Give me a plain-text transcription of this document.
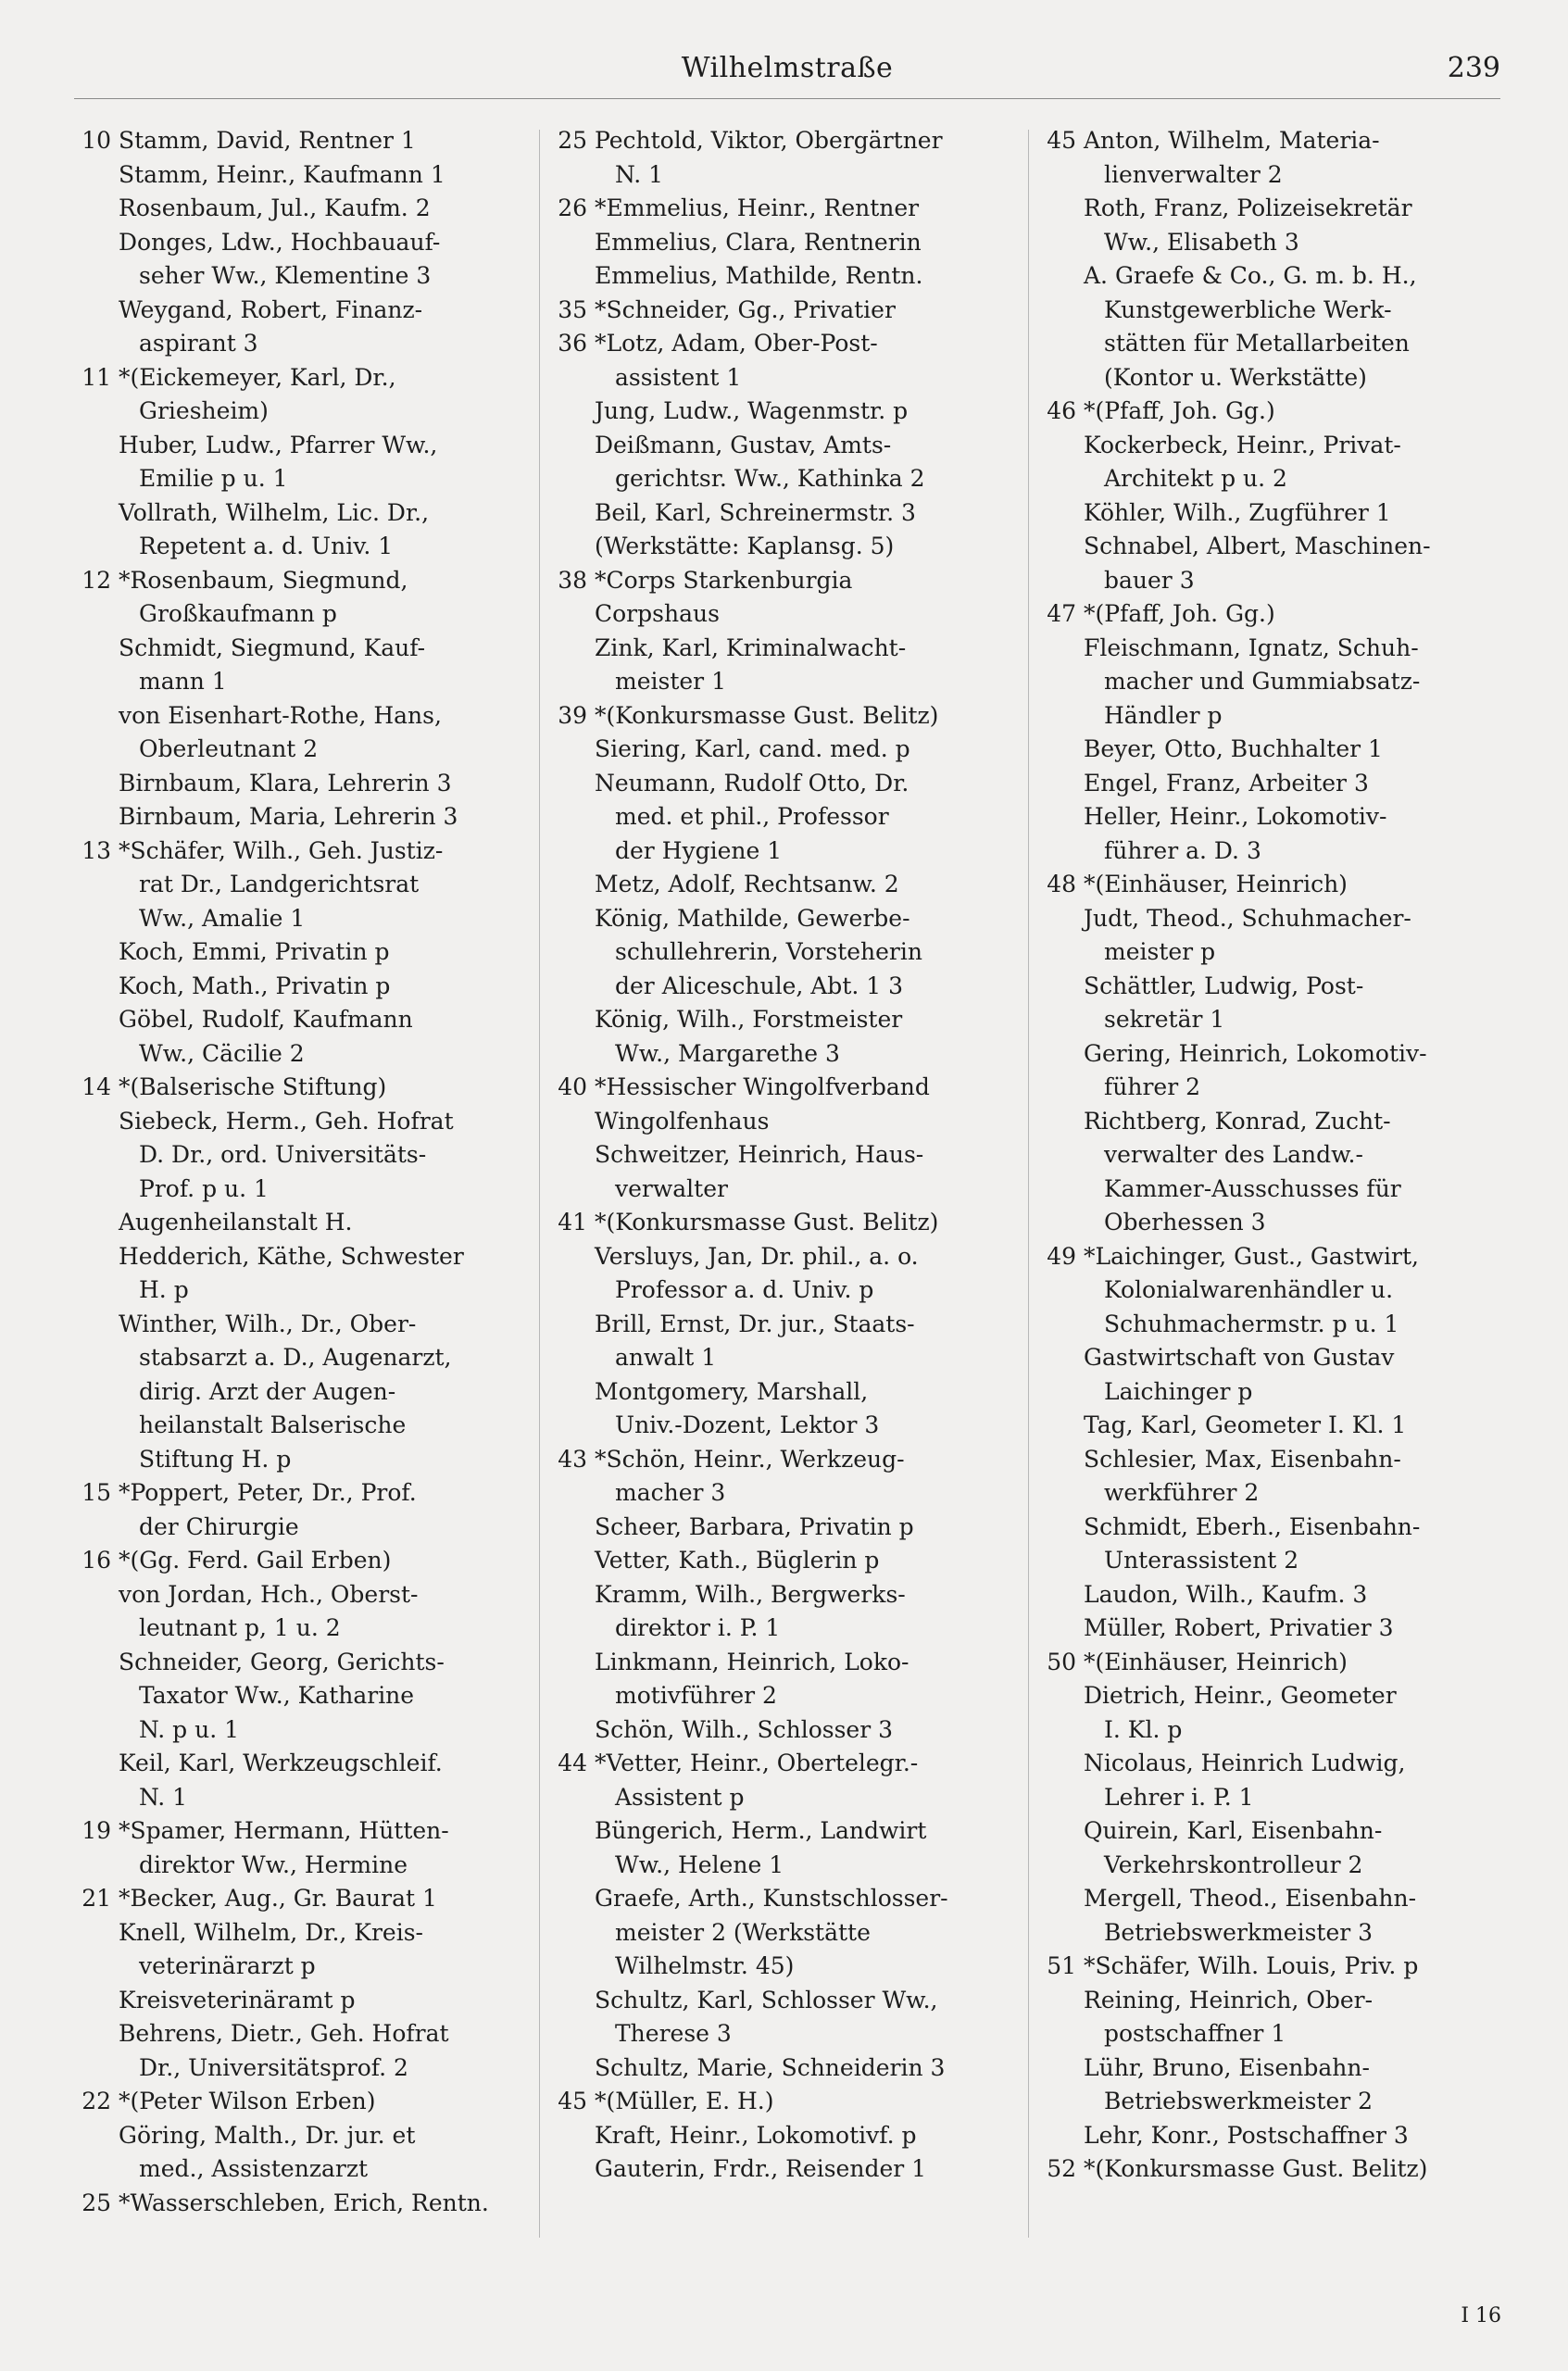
Wilhelmstraße	239
10 Stamm, David, Rentner 1
Stamm, Heinr., Kaufmann 1
Rosenbaum, Jul., Kaufm. 2
Donges, Ldw., Hochbauauf-
seher Ww., Klementine 3
Weygand, Robert, Finanz-
aspirant 3
11 *(Eickemeyer, Karl, Dr.,
Griesheim)
Huber, Ludw., Pfarrer Ww.,
Emilie p u. 1
Vollrath, Wilhelm, Lic. Dr.,
Repetent a. d. Univ. 1
12 *Rosenbaum, Siegmund,
Großkaufmann p
Schmidt, Siegmund, Kauf-
mann 1
von Eisenhart-Rothe, Hans,
Oberleutnant 2
Birnbaum, Klara, Lehrerin 3
Birnbaum, Maria, Lehrerin 3
13 *Schäfer, Wilh., Geh. Justiz-
rat Dr., Landgerichtsrat
Ww., Amalie 1
Koch, Emmi, Privatin p
Koch, Math., Privatin p
Göbel, Rudolf, Kaufmann
Ww., Cäcilie 2
14 *(Balserische Stiftung)
Siebeck, Herm., Geh. Hofrat
D. Dr., ord. Universitäts-
Prof. p u. 1
Augenheilanstalt H.
Hedderich, Käthe, Schwester
H. p
Winther, Wilh., Dr., Ober-
stabsarzt a. D., Augenarzt,
dirig. Arzt der Augen-
heilanstalt Balserische
Stiftung H. p
15 *Poppert, Peter, Dr., Prof.
der Chirurgie
16 *(Gg. Ferd. Gail Erben)
von Jordan, Hch., Oberst-
leutnant p, 1 u. 2
Schneider, Georg, Gerichts-
Taxator Ww., Katharine
N. p u. 1
Keil, Karl, Werkzeugschleif.
N. 1
19 *Spamer, Hermann, Hütten-
direktor Ww., Hermine
21 *Becker, Aug., Gr. Baurat 1
Knell, Wilhelm, Dr., Kreis-
veterinärarzt p
Kreisveterinäramt p
Behrens, Dietr., Geh. Hofrat
Dr., Universitätsprof. 2
22 *(Peter Wilson Erben)
Göring, Malth., Dr. jur. et
med., Assistenzarzt
25 *Wasserschleben, Erich, Rentn.
25 Pechtold, Viktor, Obergärtner
N. 1
26 *Emmelius, Heinr., Rentner
Emmelius, Clara, Rentnerin
Emmelius, Mathilde, Rentn.
35 *Schneider, Gg., Privatier
36 *Lotz, Adam, Ober-Post-
assistent 1
Jung, Ludw., Wagenmstr. p
Deißmann, Gustav, Amts-
gerichtsr. Ww., Kathinka 2
Beil, Karl, Schreinermstr. 3
(Werkstätte: Kaplansg. 5)
38 *Corps Starkenburgia
Corpshaus
Zink, Karl, Kriminalwacht-
meister 1
39 *(Konkursmasse Gust. Belitz)
Siering, Karl, cand. med. p
Neumann, Rudolf Otto, Dr.
med. et phil., Professor
der Hygiene 1
Metz, Adolf, Rechtsanw. 2
König, Mathilde, Gewerbe-
schullehrerin, Vorsteherin
der Aliceschule, Abt. 1 3
König, Wilh., Forstmeister
Ww., Margarethe 3
40 *Hessischer Wingolfverband
Wingolfenhaus
Schweitzer, Heinrich, Haus-
verwalter
41 *(Konkursmasse Gust. Belitz)
Versluys, Jan, Dr. phil., a. o.
Professor a. d. Univ. p
Brill, Ernst, Dr. jur., Staats-
anwalt 1
Montgomery, Marshall,
Univ.-Dozent, Lektor 3
43 *Schön, Heinr., Werkzeug-
macher 3
Scheer, Barbara, Privatin p
Vetter, Kath., Büglerin p
Kramm, Wilh., Bergwerks-
direktor i. P. 1
Linkmann, Heinrich, Loko-
motivführer 2
Schön, Wilh., Schlosser 3
44 *Vetter, Heinr., Obertelegr.-
Assistent p
Büngerich, Herm., Landwirt
Ww., Helene 1
Graefe, Arth., Kunstschlosser-
meister 2 (Werkstätte
Wilhelmstr. 45)
Schultz, Karl, Schlosser Ww.,
Therese 3
Schultz, Marie, Schneiderin 3
45 *(Müller, E. H.)
Kraft, Heinr., Lokomotivf. p
Gauterin, Frdr., Reisender 1
45 Anton, Wilhelm, Materia-
lienverwalter 2
Roth, Franz, Polizeisekretär
Ww., Elisabeth 3
A. Graefe & Co., G. m. b. H.,
Kunstgewerbliche Werk-
stätten für Metallarbeiten
(Kontor u. Werkstätte)
46 *(Pfaff, Joh. Gg.)
Kockerbeck, Heinr., Privat-
Architekt p u. 2
Köhler, Wilh., Zugführer 1
Schnabel, Albert, Maschinen-
bauer 3
47 *(Pfaff, Joh. Gg.)
Fleischmann, Ignatz, Schuh-
macher und Gummiabsatz-
Händler p
Beyer, Otto, Buchhalter 1
Engel, Franz, Arbeiter 3
Heller, Heinr., Lokomotiv-
führer a. D. 3
48 *(Einhäuser, Heinrich)
Judt, Theod., Schuhmacher-
meister p
Schättler, Ludwig, Post-
sekretär 1
Gering, Heinrich, Lokomotiv-
führer 2
Richtberg, Konrad, Zucht-
verwalter des Landw.-
Kammer-Ausschusses für
Oberhessen 3
49 *Laichinger, Gust., Gastwirt,
Kolonialwarenhändler u.
Schuhmachermstr. p u. 1
Gastwirtschaft von Gustav
Laichinger p
Tag, Karl, Geometer I. Kl. 1
Schlesier, Max, Eisenbahn-
werkführer 2
Schmidt, Eberh., Eisenbahn-
Unterassistent 2
Laudon, Wilh., Kaufm. 3
Müller, Robert, Privatier 3
50 *(Einhäuser, Heinrich)
Dietrich, Heinr., Geometer
I. Kl. p
Nicolaus, Heinrich Ludwig,
Lehrer i. P. 1
Quirein, Karl, Eisenbahn-
Verkehrskontrolleur 2
Mergell, Theod., Eisenbahn-
Betriebswerkmeister 3
51 *Schäfer, Wilh. Louis, Priv. p
Reining, Heinrich, Ober-
postschaffner 1
Lühr, Bruno, Eisenbahn-
Betriebswerkmeister 2
Lehr, Konr., Postschaffner 3
52 *(Konkursmasse Gust. Belitz)
I 16
